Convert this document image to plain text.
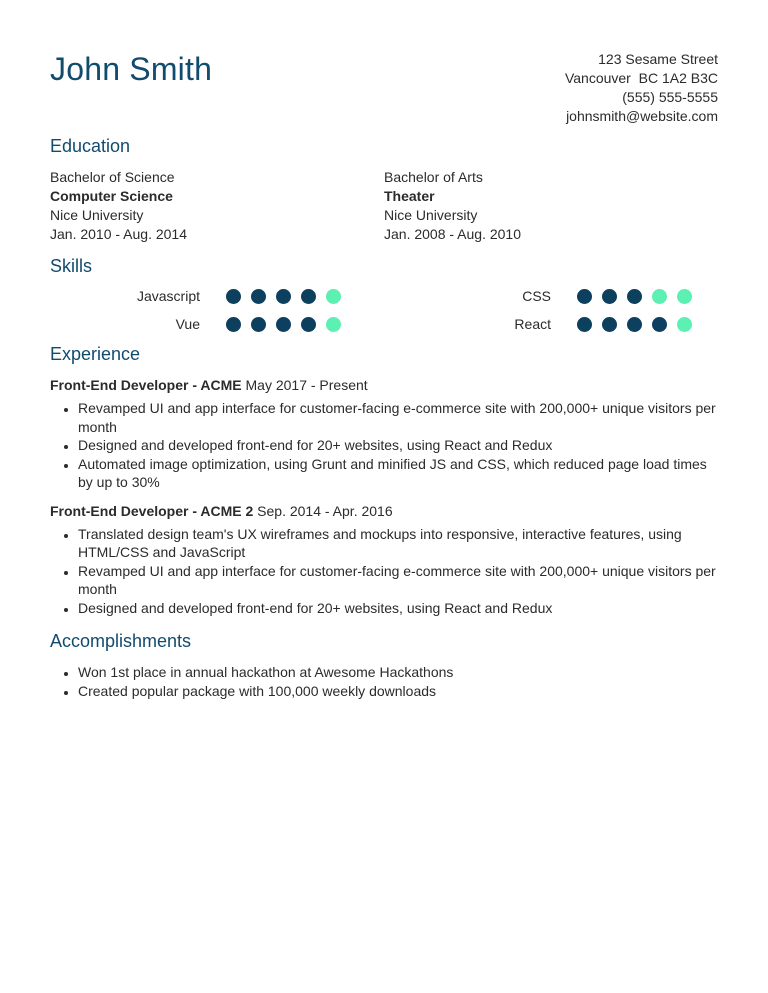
John Smith	123 Sesame Street
Vancouver  BC 1A2 B3C
(555) 555-5555
johnsmith@website.com
Education
Bachelor of Science
Computer Science
Nice University
Jan. 2010 - Aug. 2014
Bachelor of Arts
Theater
Nice University
Jan. 2008 - Aug. 2010
Skills
Javascript	CSS
Vue	React
Experience
Front-End Developer - ACME May 2017 - Present
• Revamped UI and app interface for customer-facing e-commerce site with 200,000+ unique visitors per month
• Designed and developed front-end for 20+ websites, using React and Redux
• Automated image optimization, using Grunt and minified JS and CSS, which reduced page load times by up to 30%
Front-End Developer - ACME 2 Sep. 2014 - Apr. 2016
• Translated design team's UX wireframes and mockups into responsive, interactive features, using HTML/CSS and JavaScript
• Revamped UI and app interface for customer-facing e-commerce site with 200,000+ unique visitors per month
• Designed and developed front-end for 20+ websites, using React and Redux
Accomplishments
• Won 1st place in annual hackathon at Awesome Hackathons
• Created popular package with 100,000 weekly downloads
